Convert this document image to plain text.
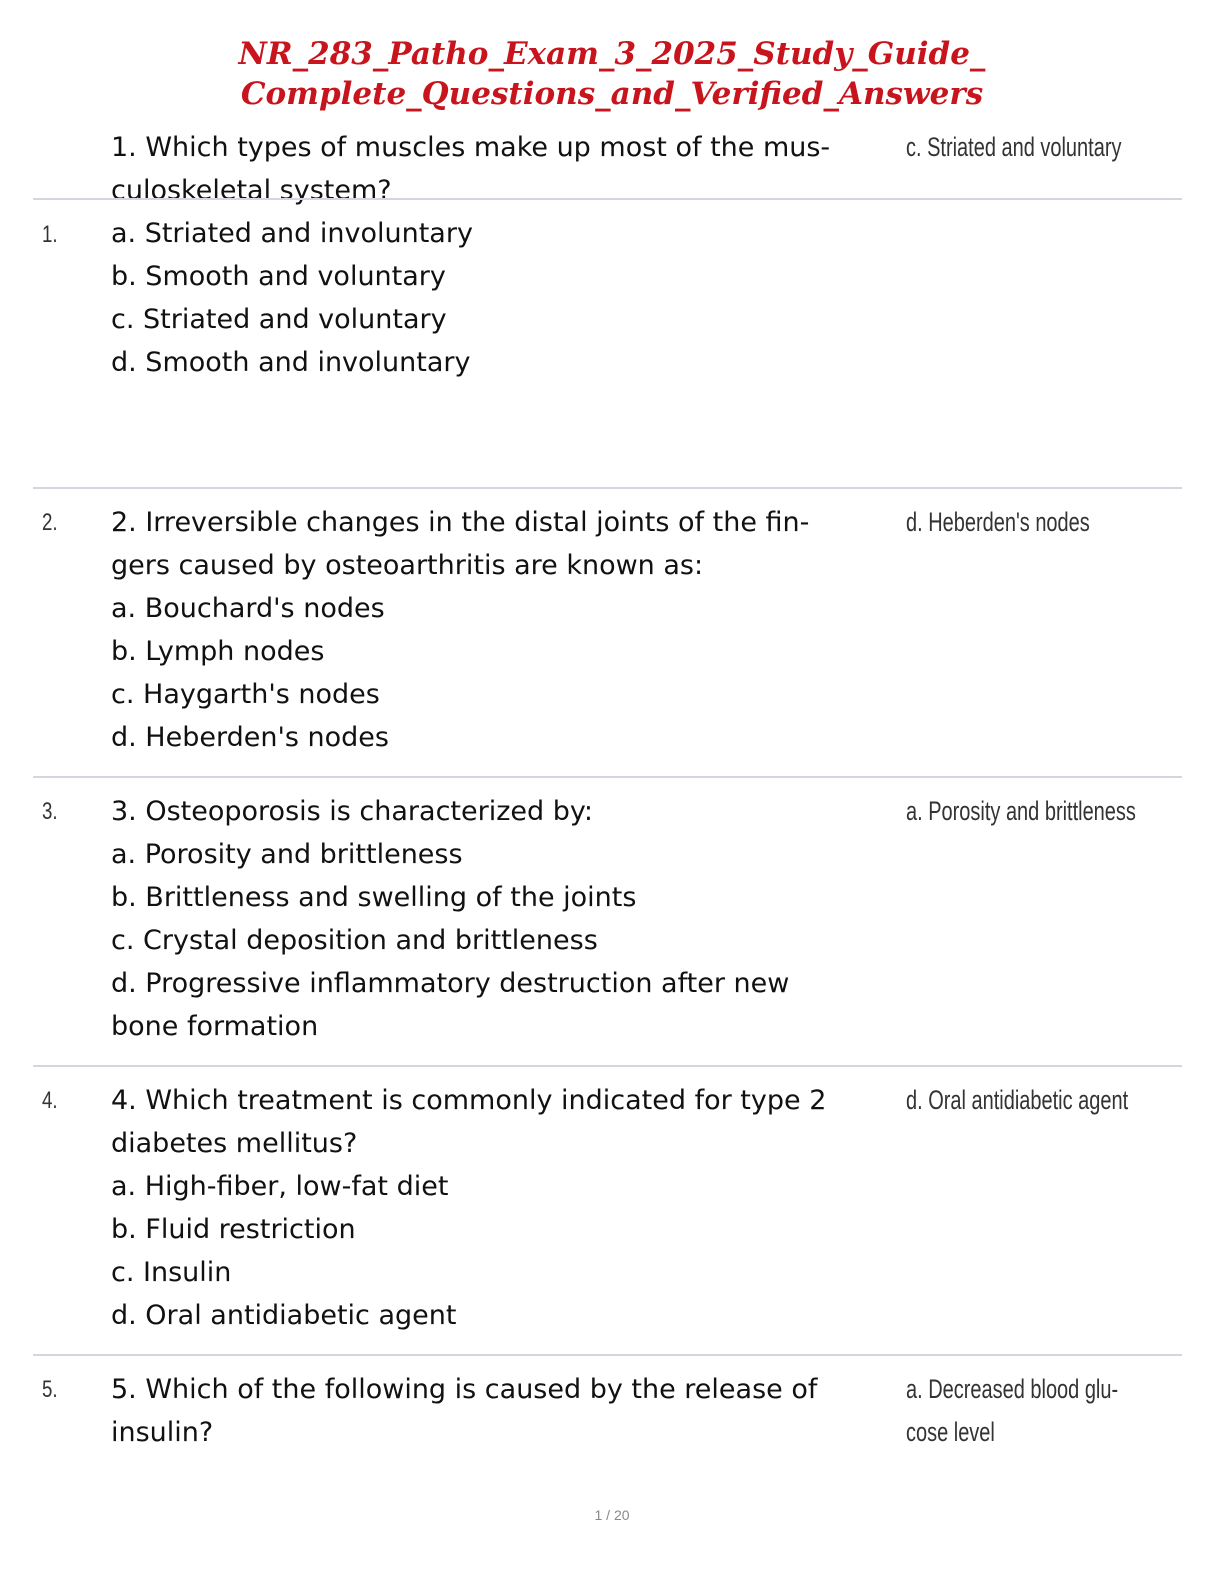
NR_283_Patho_Exam_3_2025_Study_Guide_
Complete_Questions_and_Verified_Answers
1. Which types of muscles make up most of the mus-
culoskeletal system?
a. Striated and involuntary
b. Smooth and voluntary
c. Striated and voluntary
d. Smooth and involuntary
c. Striated and voluntary
1.
2. 2. Irreversible changes in the distal joints of the fin-
gers caused by osteoarthritis are known as:
a. Bouchard's nodes
b. Lymph nodes
c. Haygarth's nodes
d. Heberden's nodes
d. Heberden's nodes
3. 3. Osteoporosis is characterized by:
a. Porosity and brittleness
b. Brittleness and swelling of the joints
c. Crystal deposition and brittleness
d. Progressive inflammatory destruction after new
bone formation
a. Porosity and brittleness
4. 4. Which treatment is commonly indicated for type 2
diabetes mellitus?
a. High-fiber, low-fat diet
b. Fluid restriction
c. Insulin
d. Oral antidiabetic agent
d. Oral antidiabetic agent
5. 5. Which of the following is caused by the release of
insulin?
a. Decreased blood glu-
cose level
1 / 20
